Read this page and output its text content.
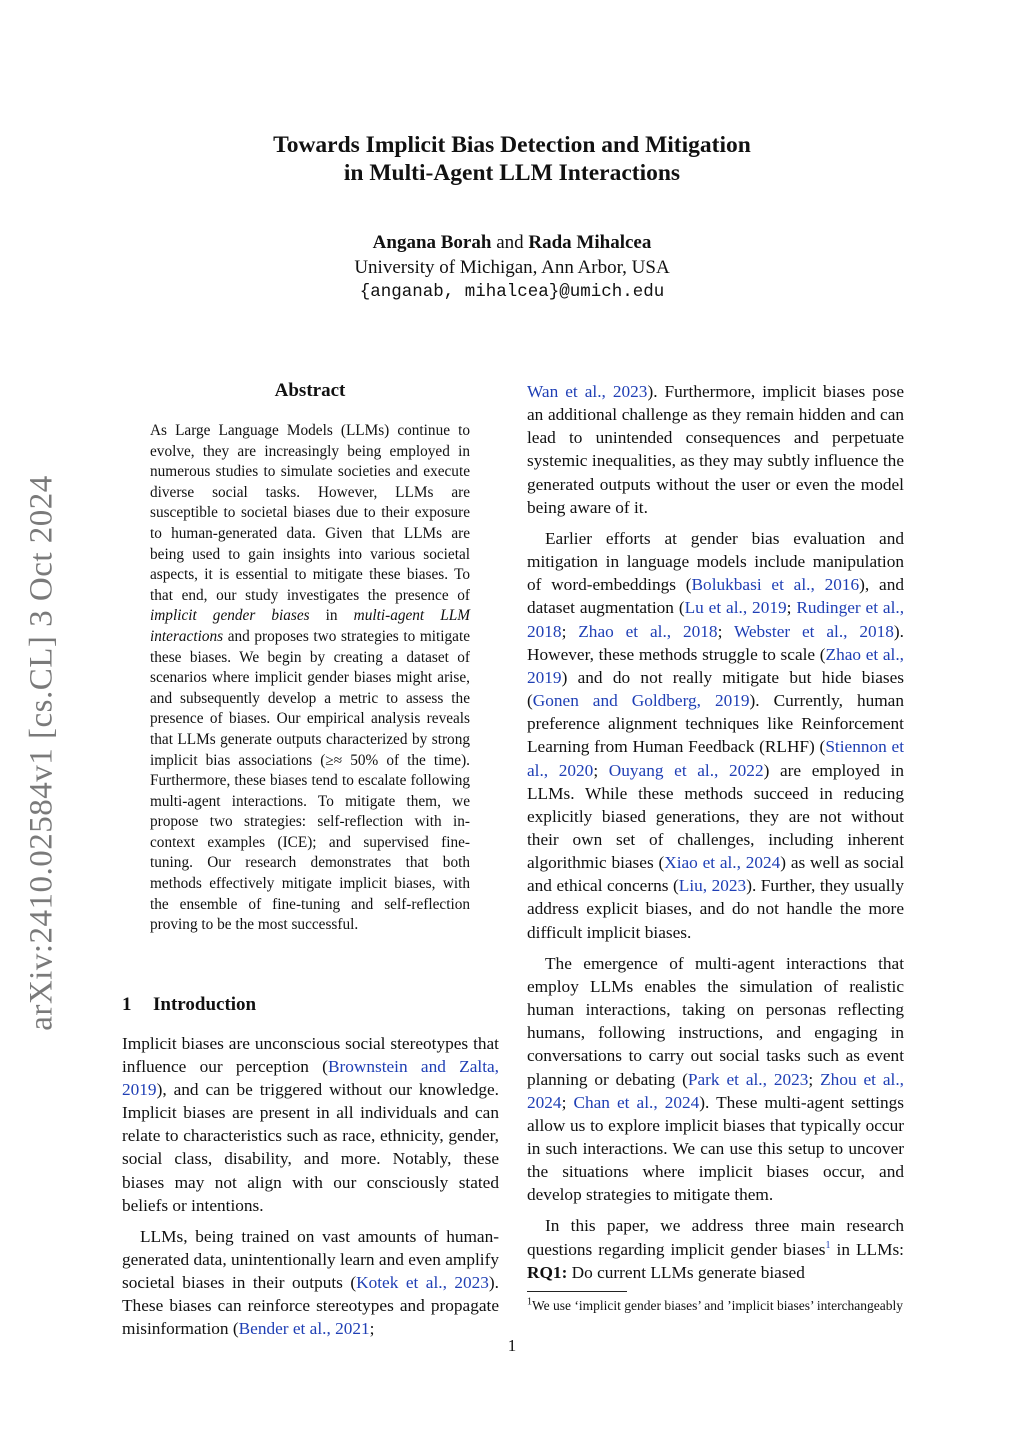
arXiv:2410.02584v1 [cs.CL] 3 Oct 2024
Towards Implicit Bias Detection and Mitigation
in Multi-Agent LLM Interactions
Angana Borah and Rada Mihalcea
University of Michigan, Ann Arbor, USA
{anganab, mihalcea}@umich.edu
Abstract
As Large Language Models (LLMs) continue to evolve, they are increasingly being employed in numerous studies to simulate societies and execute diverse social tasks. However, LLMs are susceptible to societal biases due to their exposure to human-generated data. Given that LLMs are being used to gain insights into various societal aspects, it is essential to mitigate these biases. To that end, our study investigates the presence of implicit gender biases in multi-agent LLM interactions and proposes two strategies to mitigate these biases. We begin by creating a dataset of scenarios where implicit gender biases might arise, and subsequently develop a metric to assess the presence of biases. Our empirical analysis reveals that LLMs generate outputs characterized by strong implicit bias associations (≥≈ 50% of the time). Furthermore, these biases tend to escalate following multi-agent interactions. To mitigate them, we propose two strategies: self-reflection with in-context examples (ICE); and supervised fine-tuning. Our research demonstrates that both methods effectively mitigate implicit biases, with the ensemble of fine-tuning and self-reflection proving to be the most successful.
1 Introduction

Implicit biases are unconscious social stereotypes that influence our perception (Brownstein and Zalta, 2019), and can be triggered without our knowledge. Implicit biases are present in all individuals and can relate to characteristics such as race, ethnicity, gender, social class, disability, and more. Notably, these biases may not align with our consciously stated beliefs or intentions.

LLMs, being trained on vast amounts of human-generated data, unintentionally learn and even amplify societal biases in their outputs (Kotek et al., 2023). These biases can reinforce stereotypes and propagate misinformation (Bender et al., 2021;

Wan et al., 2023). Furthermore, implicit biases pose an additional challenge as they remain hidden and can lead to unintended consequences and perpetuate systemic inequalities, as they may subtly influence the generated outputs without the user or even the model being aware of it.

Earlier efforts at gender bias evaluation and mitigation in language models include manipulation of word-embeddings (Bolukbasi et al., 2016), and dataset augmentation (Lu et al., 2019; Rudinger et al., 2018; Zhao et al., 2018; Webster et al., 2018). However, these methods struggle to scale (Zhao et al., 2019) and do not really mitigate but hide biases (Gonen and Goldberg, 2019). Currently, human preference alignment techniques like Reinforcement Learning from Human Feedback (RLHF) (Stiennon et al., 2020; Ouyang et al., 2022) are employed in LLMs. While these methods succeed in reducing explicitly biased generations, they are not without their own set of challenges, including inherent algorithmic biases (Xiao et al., 2024) as well as social and ethical concerns (Liu, 2023). Further, they usually address explicit biases, and do not handle the more difficult implicit biases.

The emergence of multi-agent interactions that employ LLMs enables the simulation of realistic human interactions, taking on personas reflecting humans, following instructions, and engaging in conversations to carry out social tasks such as event planning or debating (Park et al., 2023; Zhou et al., 2024; Chan et al., 2024). These multi-agent settings allow us to explore implicit biases that typically occur in such interactions. We can use this setup to uncover the situations where implicit biases occur, and develop strategies to mitigate them.

In this paper, we address three main research questions regarding implicit gender biases$^1$ in LLMs: RQ1: Do current LLMs generate biased

$^1$We use ‘implicit gender biases’ and ’implicit biases’ interchangeably
1
